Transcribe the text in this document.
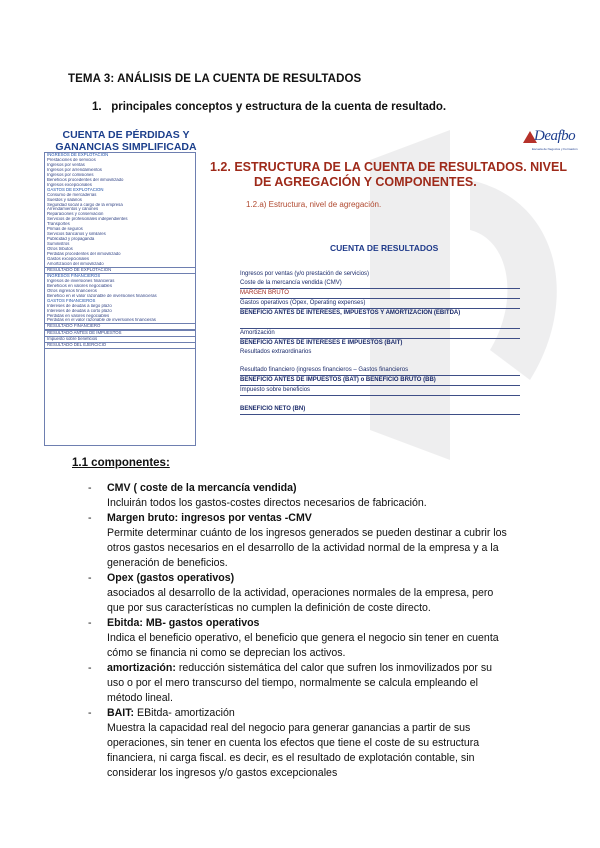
TEMA 3: ANÁLISIS DE LA CUENTA DE RESULTADOS
1. principales conceptos y estructura de la cuenta de resultado.
CUENTA DE PÉRDIDAS Y
GANANCIAS SIMPLIFICADA
INGRESOS DE EXPLOTACIÓN
Prestaciones de servicios
Ingresos por ventas
Ingresos por arrendamientos
Ingresos por comisiones
Beneficios procedentes del inmovilizado
Ingresos excepcionales
GASTOS DE EXPLOTACIÓN
Consumo de mercaderías
Sueldos y salarios
Seguridad social a cargo de la empresa
Arrendamientos y cánones
Reparaciones y conservación
Servicios de profesionales independientes
Transportes
Primas de seguros
Servicios bancarios y similares
Publicidad y propaganda
Suministros
Otros tributos
Pérdidas procedentes del inmovilizado
Gastos excepcionales
Amortización del inmovilizado
RESULTADO DE EXPLOTACIÓN
INGRESOS FINANCIEROS
Ingresos de inversiones financieras
Beneficios en valores negociables
Otros ingresos financieros
Beneficio en el valor razonable de inversiones financieras
GASTOS FINANCIEROS
Intereses de deudas a largo plazo
Intereses de deudas a corto plazo
Pérdidas en valores negociables
Pérdidas en el valor razonable de inversiones financieras
RESULTADO FINANCIERO
RESULTADO ANTES DE IMPUESTOS
Impuesto sobre beneficios
RESULTADO DEL EJERCICIO
Deafbo
Escuela de Negocios y Formación
1.2. ESTRUCTURA DE LA CUENTA DE RESULTADOS. NIVEL
DE AGREGACIÓN Y COMPONENTES.
1.2.a) Estructura, nivel de agregación.
CUENTA DE RESULTADOS
Ingresos por ventas (y/o prestación de servicios)
Coste de la mercancía vendida (CMV)
MARGEN BRUTO
Gastos operativos (Opex, Operating expenses)
BENEFICIO ANTES DE INTERESES, IMPUESTOS Y AMORTIZACIÓN (EBITDA)
Amortización
BENEFICIO ANTES DE INTERESES E IMPUESTOS (BAIT)
Resultados extraordinarios
Resultado financiero (ingresos financieros – Gastos financieros
BENEFICIO ANTES DE IMPUESTOS (BAT) o BENEFICIO BRUTO (BB)
Impuesto sobre beneficios
BENEFICIO NETO (BN)
1.1 componentes:
- CMV ( coste de la mercancía vendida)
Incluirán todos los gastos-costes directos necesarios de fabricación.
- Margen bruto: ingresos por ventas -CMV
Permite determinar cuánto de los ingresos generados se pueden destinar a cubrir los
otros gastos necesarios en el desarrollo de la actividad normal de la empresa y a la
generación de beneficios.
- Opex (gastos operativos)
asociados al desarrollo de la actividad, operaciones normales de la empresa, pero
que por sus características no cumplen la definición de coste directo.
- Ebitda: MB- gastos operativos
Indica el beneficio operativo, el beneficio que genera el negocio sin tener en cuenta
cómo se financia ni como se deprecian los activos.
- amortización: reducción sistemática del calor que sufren los inmovilizados por su
uso o por el mero transcurso del tiempo, normalmente se calcula empleando el
método lineal.
- BAIT: EBitda- amortización
Muestra la capacidad real del negocio para generar ganancias a partir de sus
operaciones, sin tener en cuenta los efectos que tiene el coste de su estructura
financiera, ni carga fiscal. es decir, es el resultado de explotación contable, sin
considerar los ingresos y/o gastos excepcionales
